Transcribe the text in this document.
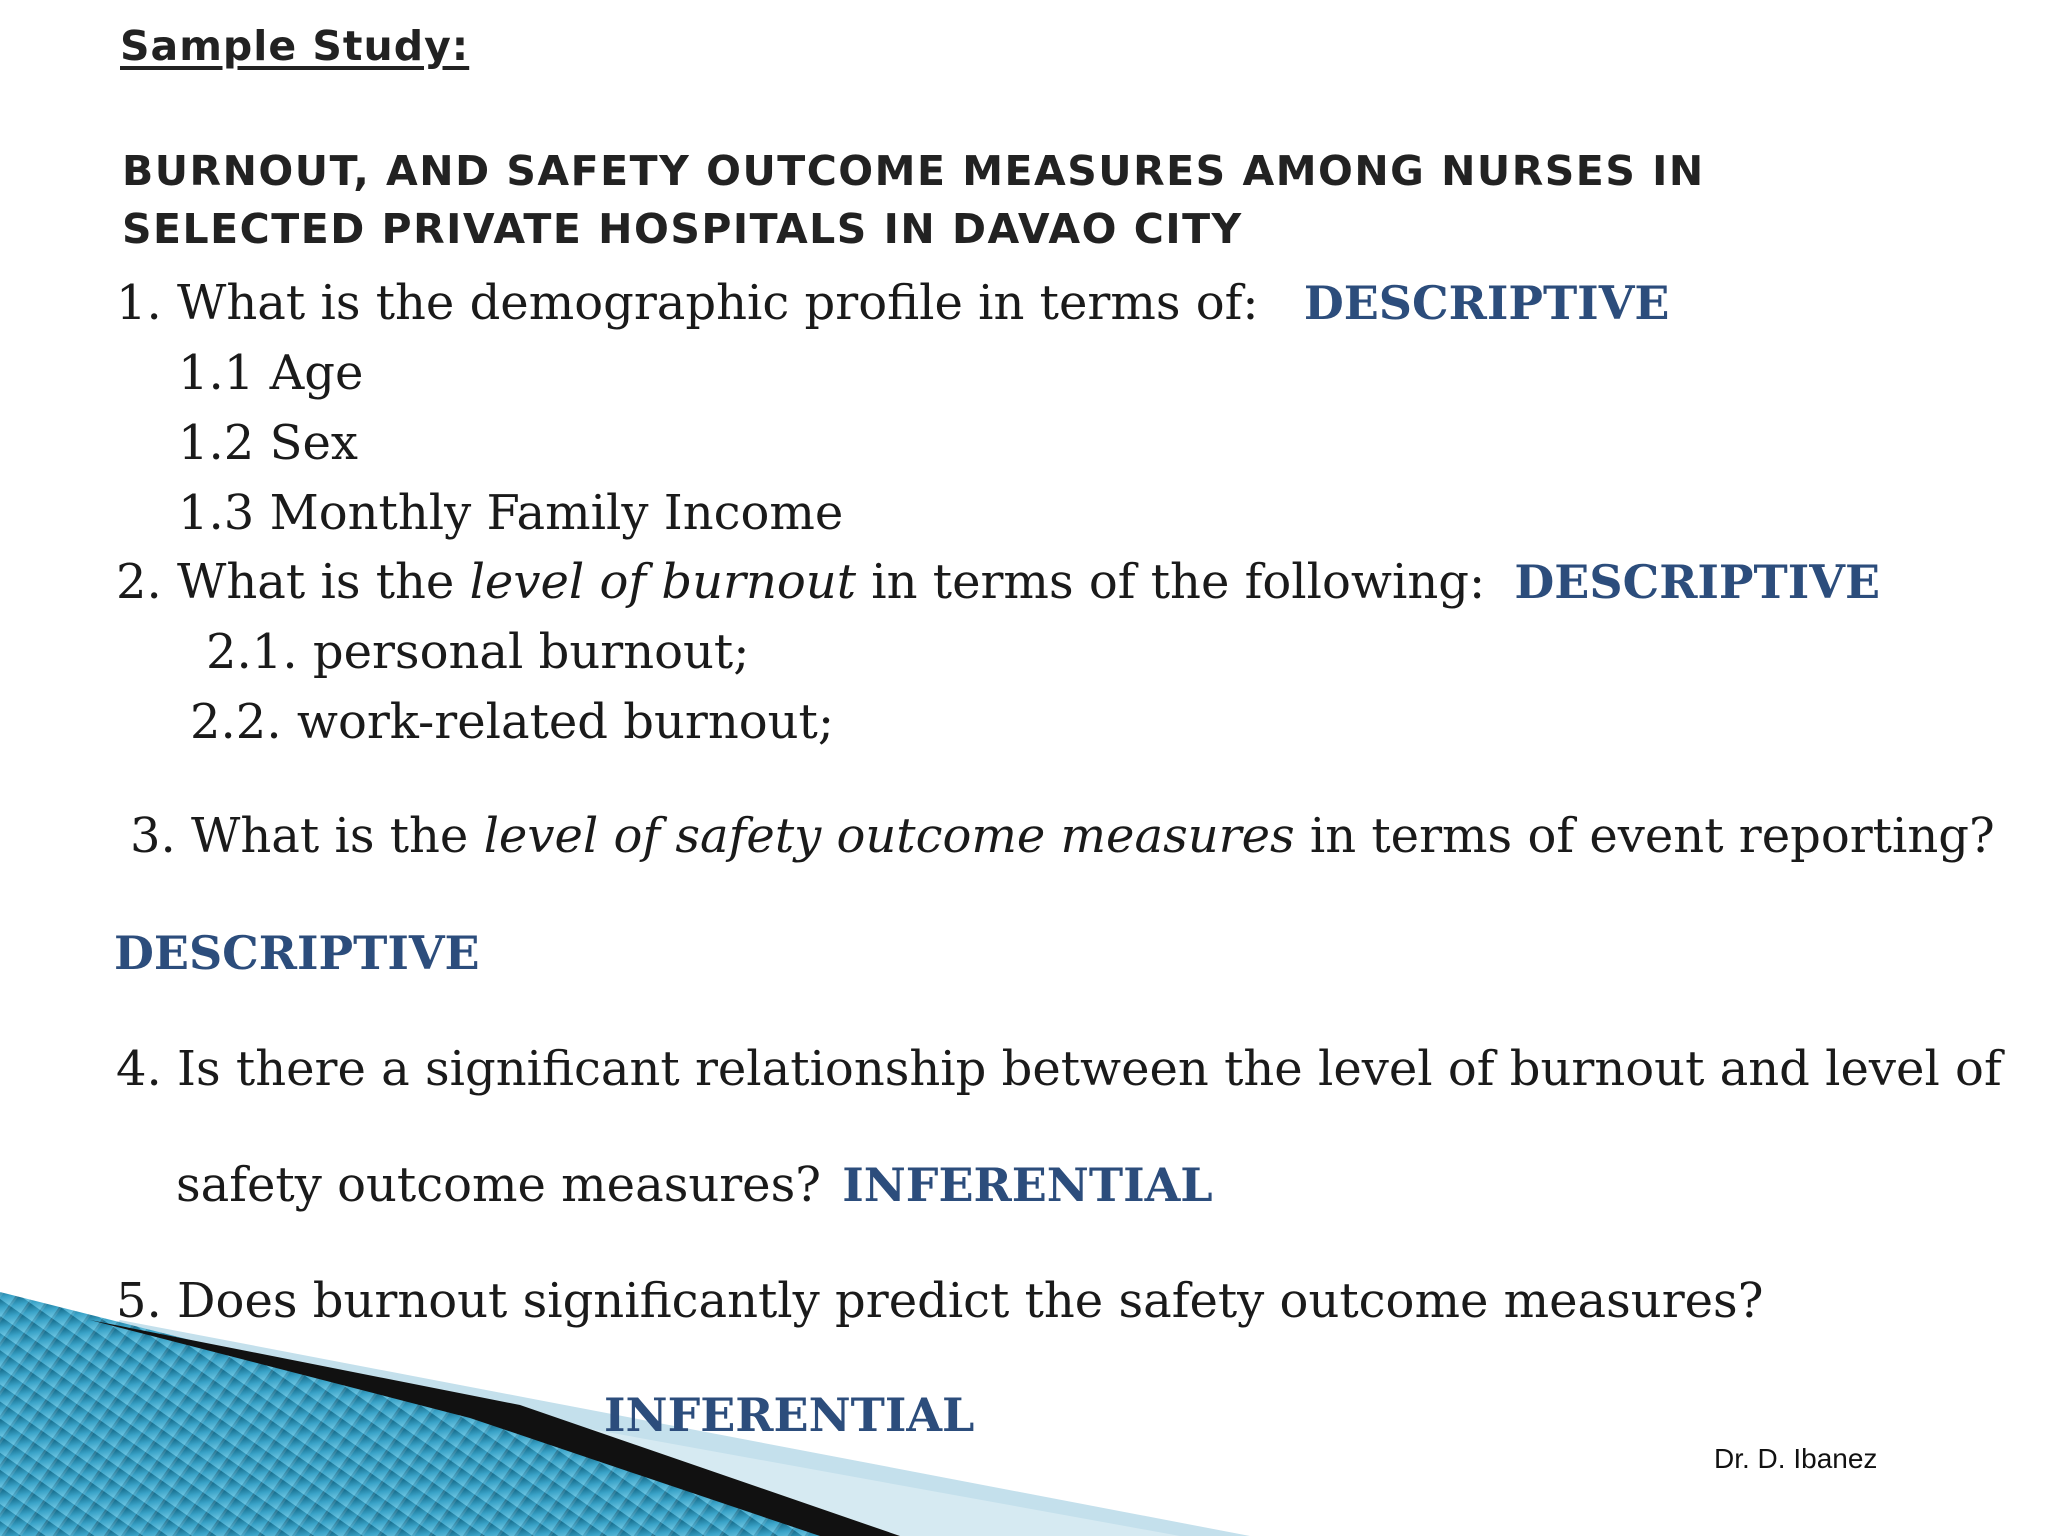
Sample Study:
BURNOUT, AND SAFETY OUTCOME MEASURES AMONG NURSES IN
SELECTED PRIVATE HOSPITALS IN DAVAO CITY
1. What is the demographic profile in terms of: DESCRIPTIVE
1.1 Age
1.2 Sex
1.3 Monthly Family Income
2. What is the level of burnout in terms of the following: DESCRIPTIVE
2.1. personal burnout;
2.2. work-related burnout;
3. What is the level of safety outcome measures in terms of event reporting?
DESCRIPTIVE
4. Is there a significant relationship between the level of burnout and level of
safety outcome measures? INFERENTIAL
5. Does burnout significantly predict the safety outcome measures?
INFERENTIAL
Dr. D. Ibanez
